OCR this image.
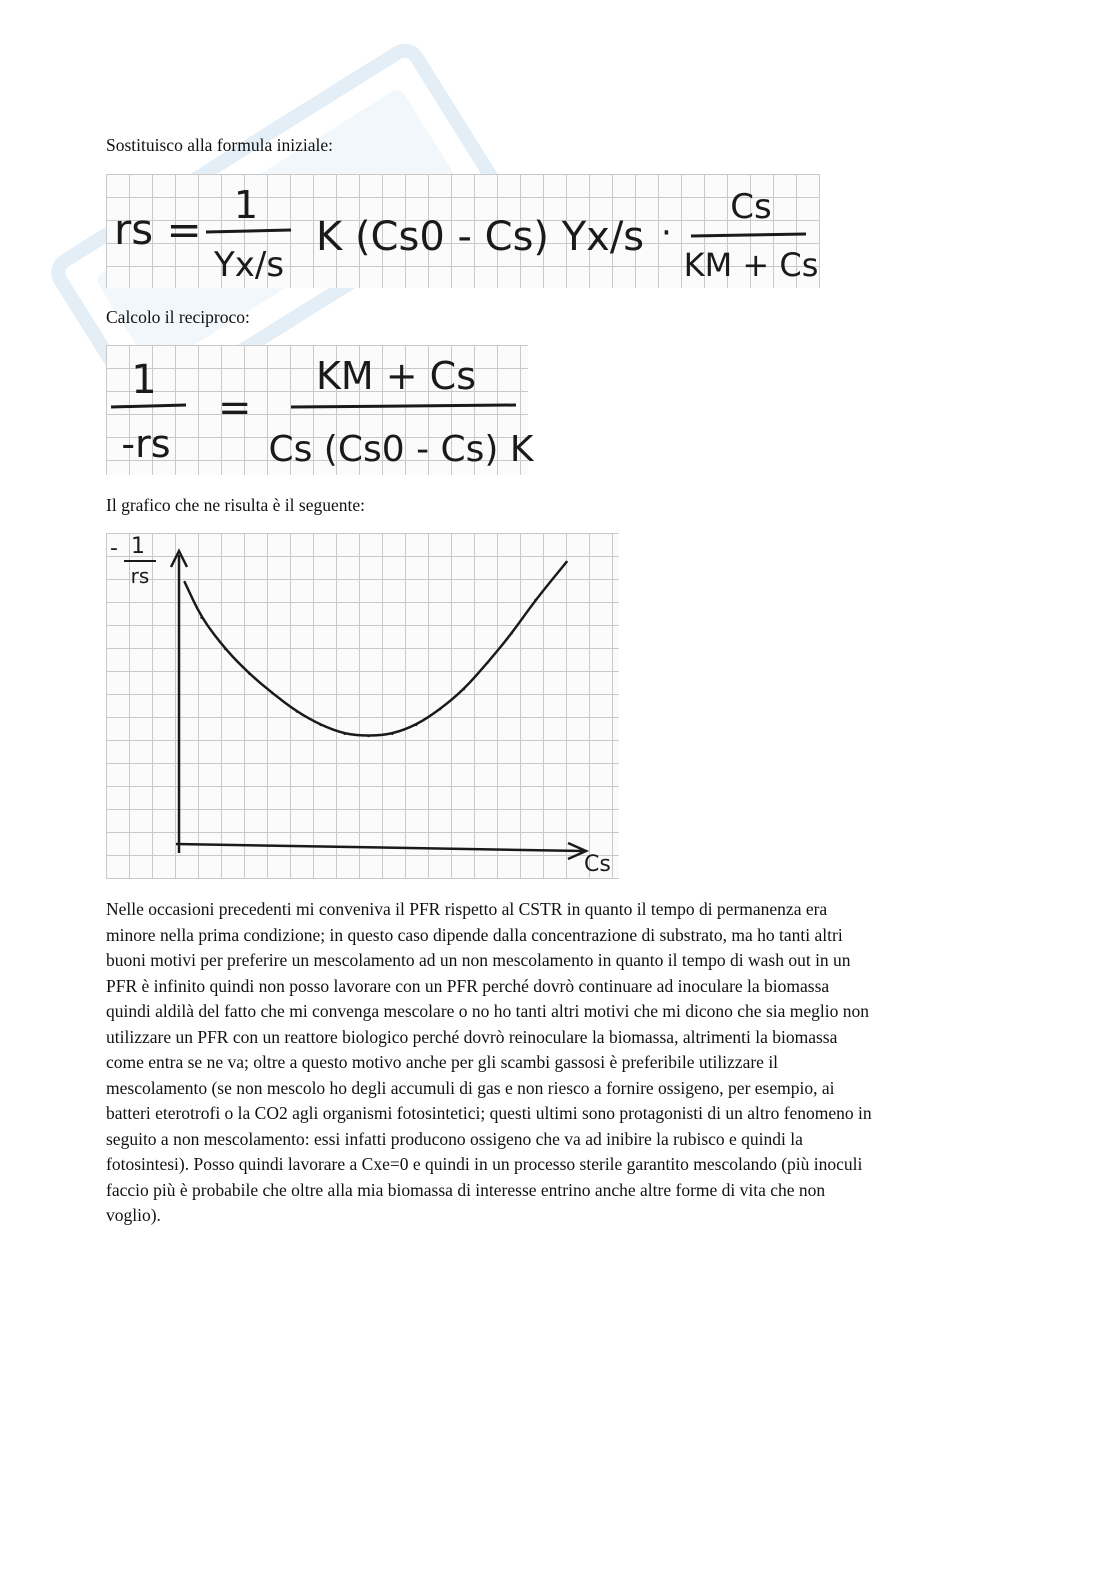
Sostituisco alla formula iniziale:

rs = 1
Yx/s
K (Cs0 - Cs) Yx/s ·
Cs
KM + Cs

Calcolo il reciproco:

1
-rs
=
KM + Cs
Cs (Cs0 - Cs) K

Il grafico che ne risulta è il seguente:

- 1
rs
Cs

Nelle occasioni precedenti mi conveniva il PFR rispetto al CSTR in quanto il tempo di permanenza era
minore nella prima condizione; in questo caso dipende dalla concentrazione di substrato, ma ho tanti altri
buoni motivi per preferire un mescolamento ad un non mescolamento in quanto il tempo di wash out in un
PFR è infinito quindi non posso lavorare con un PFR perché dovrò continuare ad inoculare la biomassa
quindi aldilà del fatto che mi convenga mescolare o no ho tanti altri motivi che mi dicono che sia meglio non
utilizzare un PFR con un reattore biologico perché dovrò reinoculare la biomassa, altrimenti la biomassa
come entra se ne va; oltre a questo motivo anche per gli scambi gassosi è preferibile utilizzare il
mescolamento (se non mescolo ho degli accumuli di gas e non riesco a fornire ossigeno, per esempio, ai
batteri eterotrofi o la CO2 agli organismi fotosintetici; questi ultimi sono protagonisti di un altro fenomeno in
seguito a non mescolamento: essi infatti producono ossigeno che va ad inibire la rubisco e quindi la
fotosintesi). Posso quindi lavorare a Cxe=0 e quindi in un processo sterile garantito mescolando (più inoculi
faccio più è probabile che oltre alla mia biomassa di interesse entrino anche altre forme di vita che non
voglio).
